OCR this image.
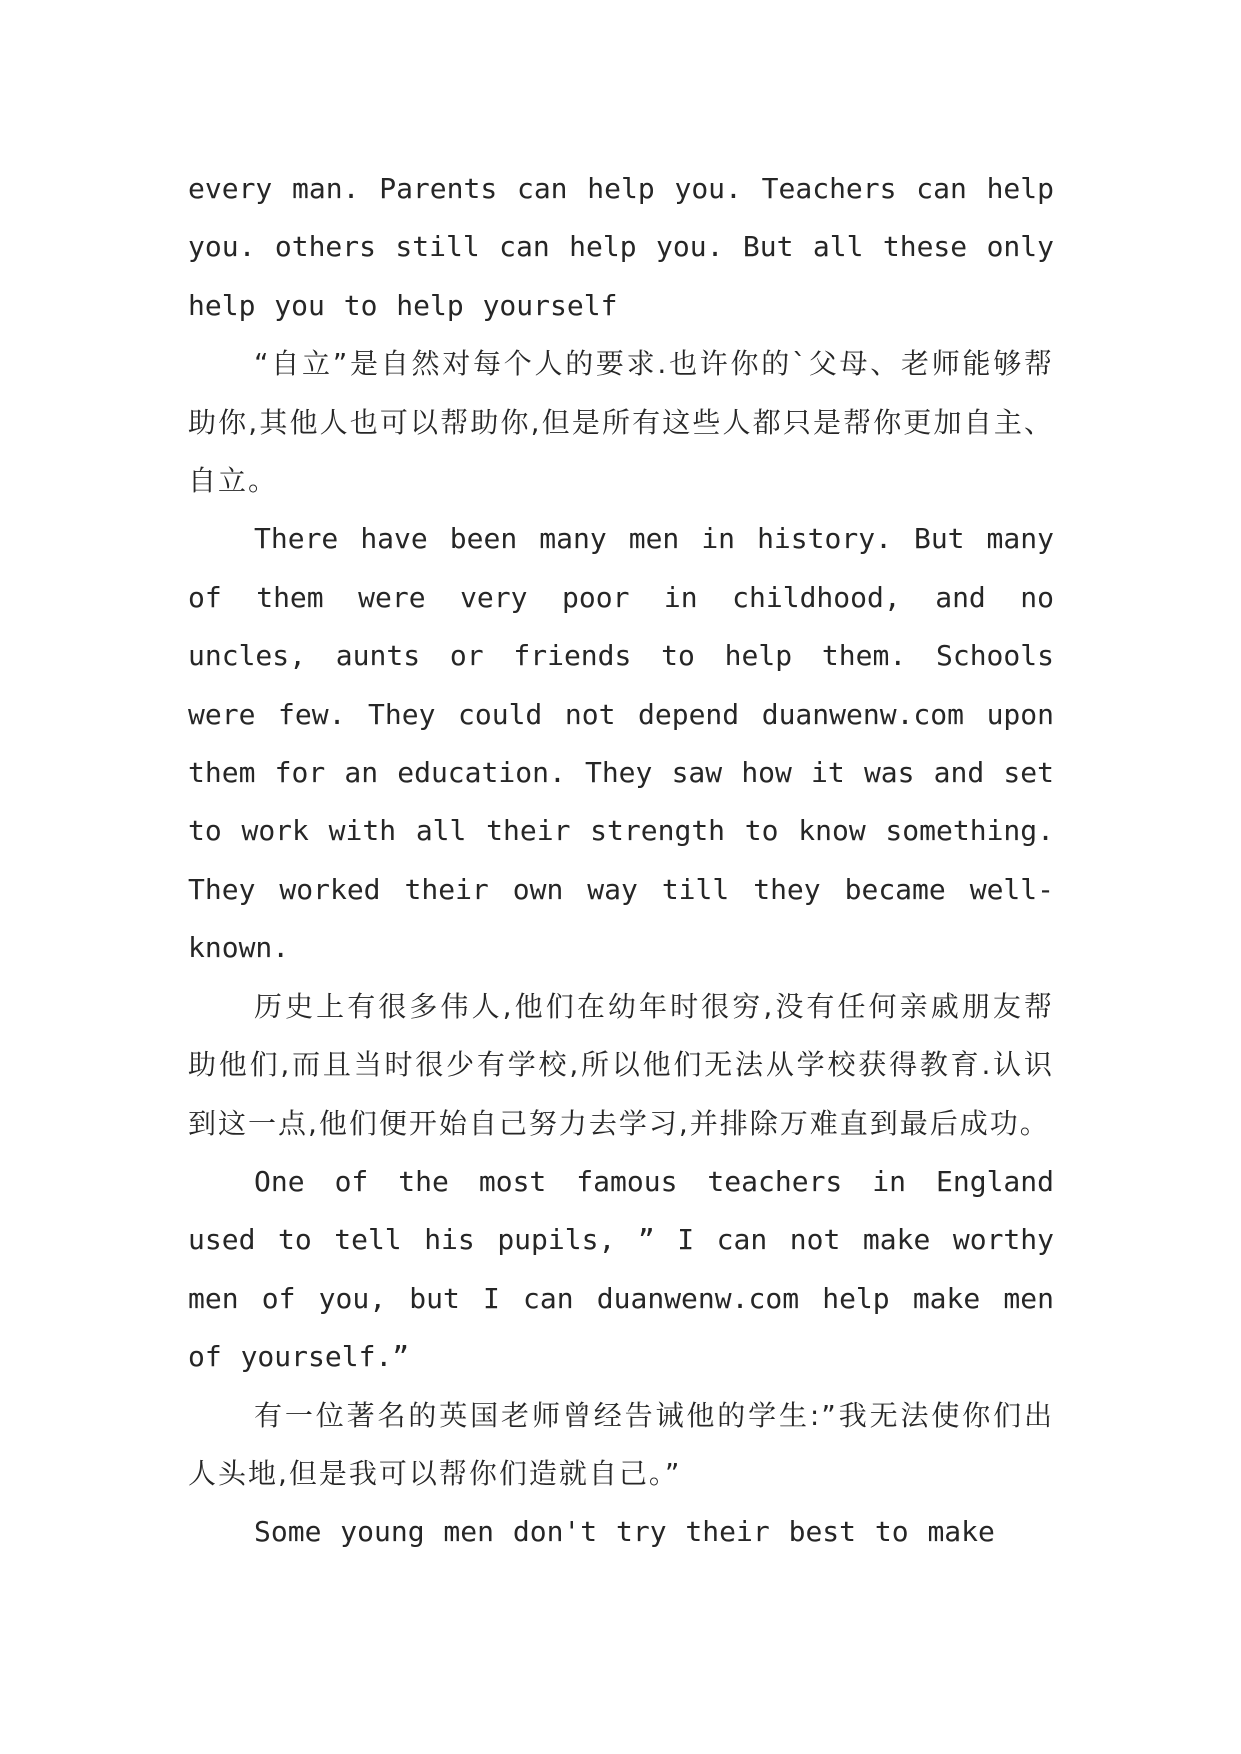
every man. Parents can help you. Teachers can help you. others still can help you. But all these only help you to help yourself

“自立”是自然对每个人的要求.也许你的`父母、老师能够帮助你,其他人也可以帮助你,但是所有这些人都只是帮你更加自主、自立。

There have been many men in history. But many of them were very poor in childhood, and no uncles, aunts or friends to help them. Schools were few. They could not depend duanwenw.com upon them for an education. They saw how it was and set to work with all their strength to know something. They worked their own way till they became well-known.

历史上有很多伟人,他们在幼年时很穷,没有任何亲戚朋友帮助他们,而且当时很少有学校,所以他们无法从学校获得教育.认识到这一点,他们便开始自己努力去学习,并排除万难直到最后成功。

One of the most famous teachers in England used to tell his pupils, ” I can not make worthy men of you, but I can duanwenw.com help make men of yourself.”

有一位著名的英国老师曾经告诫他的学生:”我无法使你们出人头地,但是我可以帮你们造就自己。”

Some young men don't try their best to make
